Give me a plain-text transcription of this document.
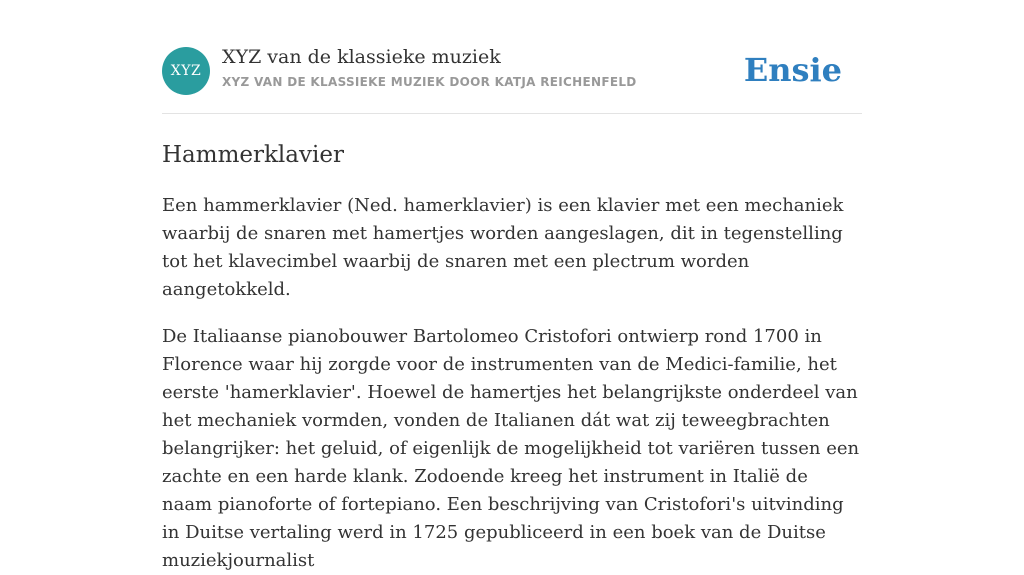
XYZ
XYZ van de klassieke muziek
XYZ VAN DE KLASSIEKE MUZIEK DOOR KATJA REICHENFELD	Ensie
Hammerklavier

Een hammerklavier (Ned. hamerklavier) is een klavier met een mechaniek waarbij de snaren met hamertjes worden aangeslagen, dit in tegenstelling tot het klavecimbel waarbij de snaren met een plectrum worden aangetokkeld.

De Italiaanse pianobouwer Bartolomeo Cristofori ontwierp rond 1700 in Florence waar hij zorgde voor de instrumenten van de Medici-familie, het eerste 'hamerklavier'. Hoewel de hamertjes het belangrijkste onderdeel van het mechaniek vormden, vonden de Italianen dát wat zij teweegbrachten belangrijker: het geluid, of eigenlijk de mogelijkheid tot variëren tussen een zachte en een harde klank. Zodoende kreeg het instrument in Italië de naam pianoforte of fortepiano. Een beschrijving van Cristofori's uitvinding in Duitse vertaling werd in 1725 gepubliceerd in een boek van de Duitse muziekjournalist
